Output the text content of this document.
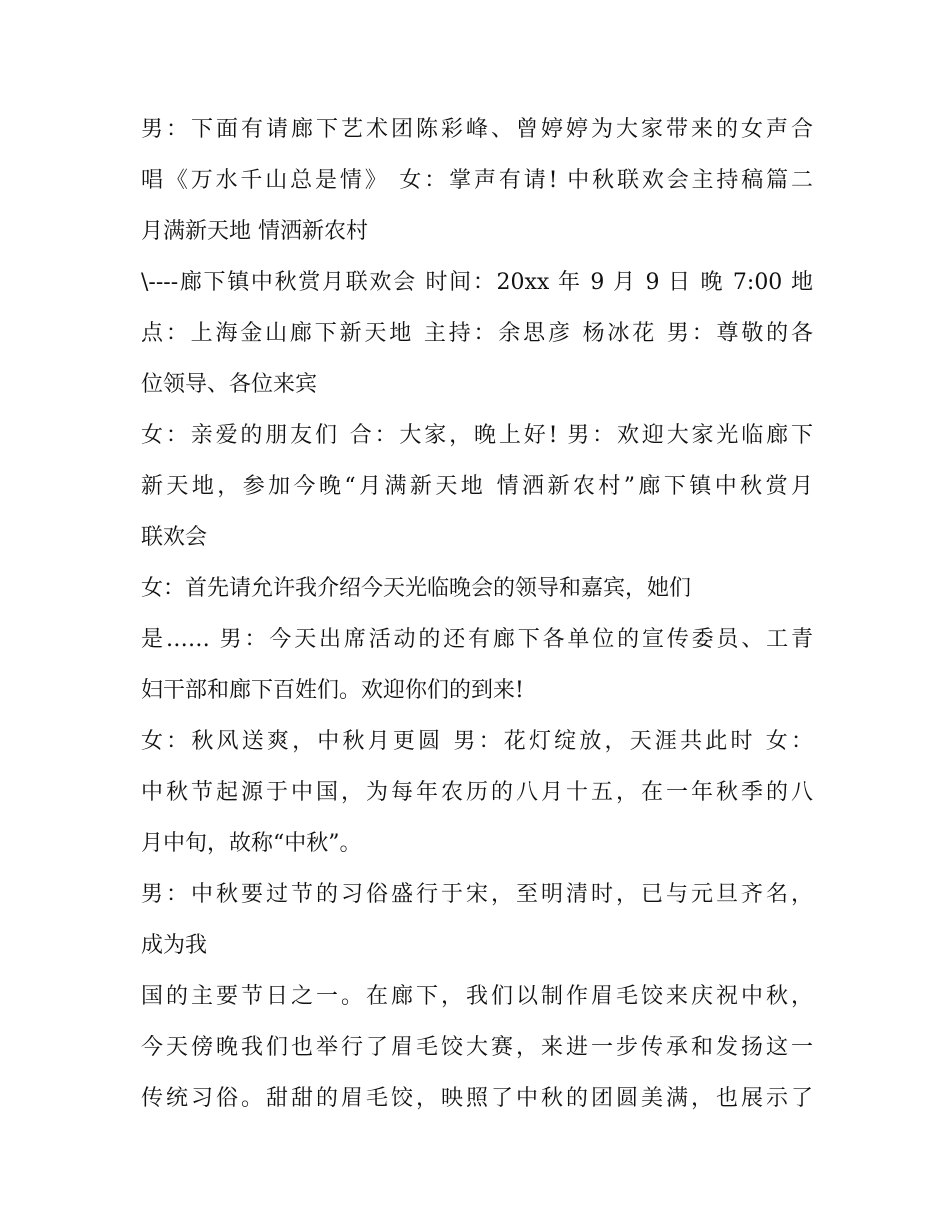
男：下面有请廊下艺术团陈彩峰、曾婷婷为大家带来的女声合
唱《万水千山总是情》 女：掌声有请! 中秋联欢会主持稿篇二
月满新天地 情洒新农村
\----廊下镇中秋赏月联欢会 时间：20xx 年 9 月 9 日 晚 7:00 地
点：上海金山廊下新天地 主持：余思彦 杨冰花 男：尊敬的各
位领导、各位来宾
女：亲爱的朋友们 合：大家，晚上好! 男：欢迎大家光临廊下
新天地，参加今晚“月满新天地 情洒新农村”廊下镇中秋赏月
联欢会
女：首先请允许我介绍今天光临晚会的领导和嘉宾，她们
是…… 男：今天出席活动的还有廊下各单位的宣传委员、工青
妇干部和廊下百姓们。欢迎你们的到来!
女：秋风送爽，中秋月更圆 男：花灯绽放，天涯共此时 女：
中秋节起源于中国，为每年农历的八月十五，在一年秋季的八
月中旬，故称“中秋”。
男：中秋要过节的习俗盛行于宋，至明清时，已与元旦齐名，
成为我
国的主要节日之一。在廊下，我们以制作眉毛饺来庆祝中秋，
今天傍晚我们也举行了眉毛饺大赛，来进一步传承和发扬这一
传统习俗。甜甜的眉毛饺，映照了中秋的团圆美满，也展示了
